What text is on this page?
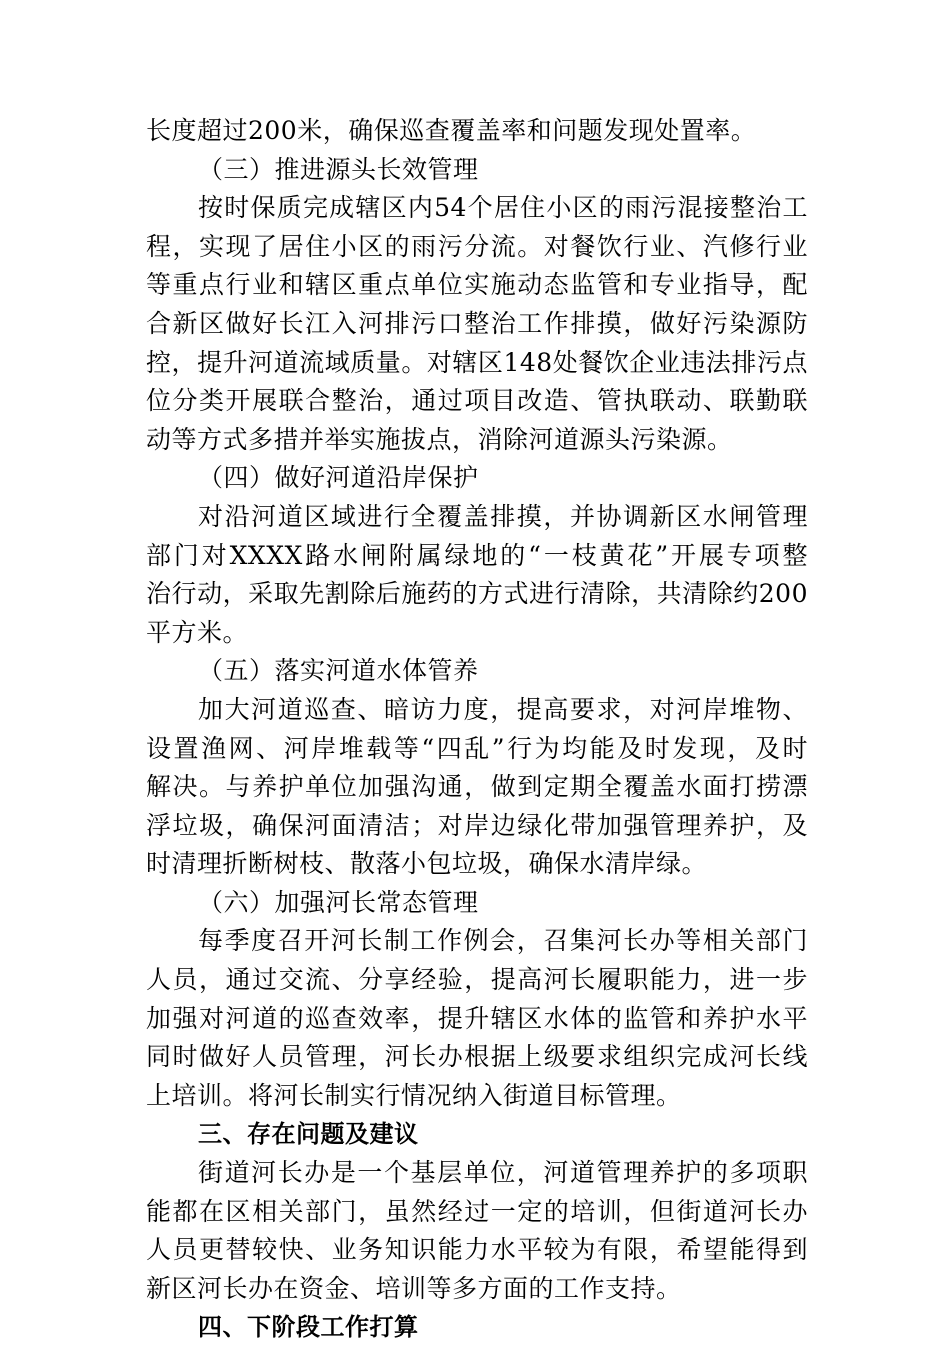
长度超过200米，确保巡查覆盖率和问题发现处置率。
（三）推进源头长效管理
按时保质完成辖区内54个居住小区的雨污混接整治工
程，实现了居住小区的雨污分流。对餐饮行业、汽修行业
等重点行业和辖区重点单位实施动态监管和专业指导，配
合新区做好长江入河排污口整治工作排摸，做好污染源防
控，提升河道流域质量。对辖区148处餐饮企业违法排污点
位分类开展联合整治，通过项目改造、管执联动、联勤联
动等方式多措并举实施拔点，消除河道源头污染源。
（四）做好河道沿岸保护
对沿河道区域进行全覆盖排摸，并协调新区水闸管理
部门对XXXX路水闸附属绿地的“一枝黄花”开展专项整
治行动，采取先割除后施药的方式进行清除，共清除约200
平方米。
（五）落实河道水体管养
加大河道巡查、暗访力度，提高要求，对河岸堆物、
设置渔网、河岸堆载等“四乱”行为均能及时发现，及时
解决。与养护单位加强沟通，做到定期全覆盖水面打捞漂
浮垃圾，确保河面清洁；对岸边绿化带加强管理养护，及
时清理折断树枝、散落小包垃圾，确保水清岸绿。
（六）加强河长常态管理
每季度召开河长制工作例会，召集河长办等相关部门
人员，通过交流、分享经验，提高河长履职能力，进一步
加强对河道的巡查效率，提升辖区水体的监管和养护水平
同时做好人员管理，河长办根据上级要求组织完成河长线
上培训。将河长制实行情况纳入街道目标管理。
三、存在问题及建议
街道河长办是一个基层单位，河道管理养护的多项职
能都在区相关部门，虽然经过一定的培训，但街道河长办
人员更替较快、业务知识能力水平较为有限，希望能得到
新区河长办在资金、培训等多方面的工作支持。
四、下阶段工作打算
